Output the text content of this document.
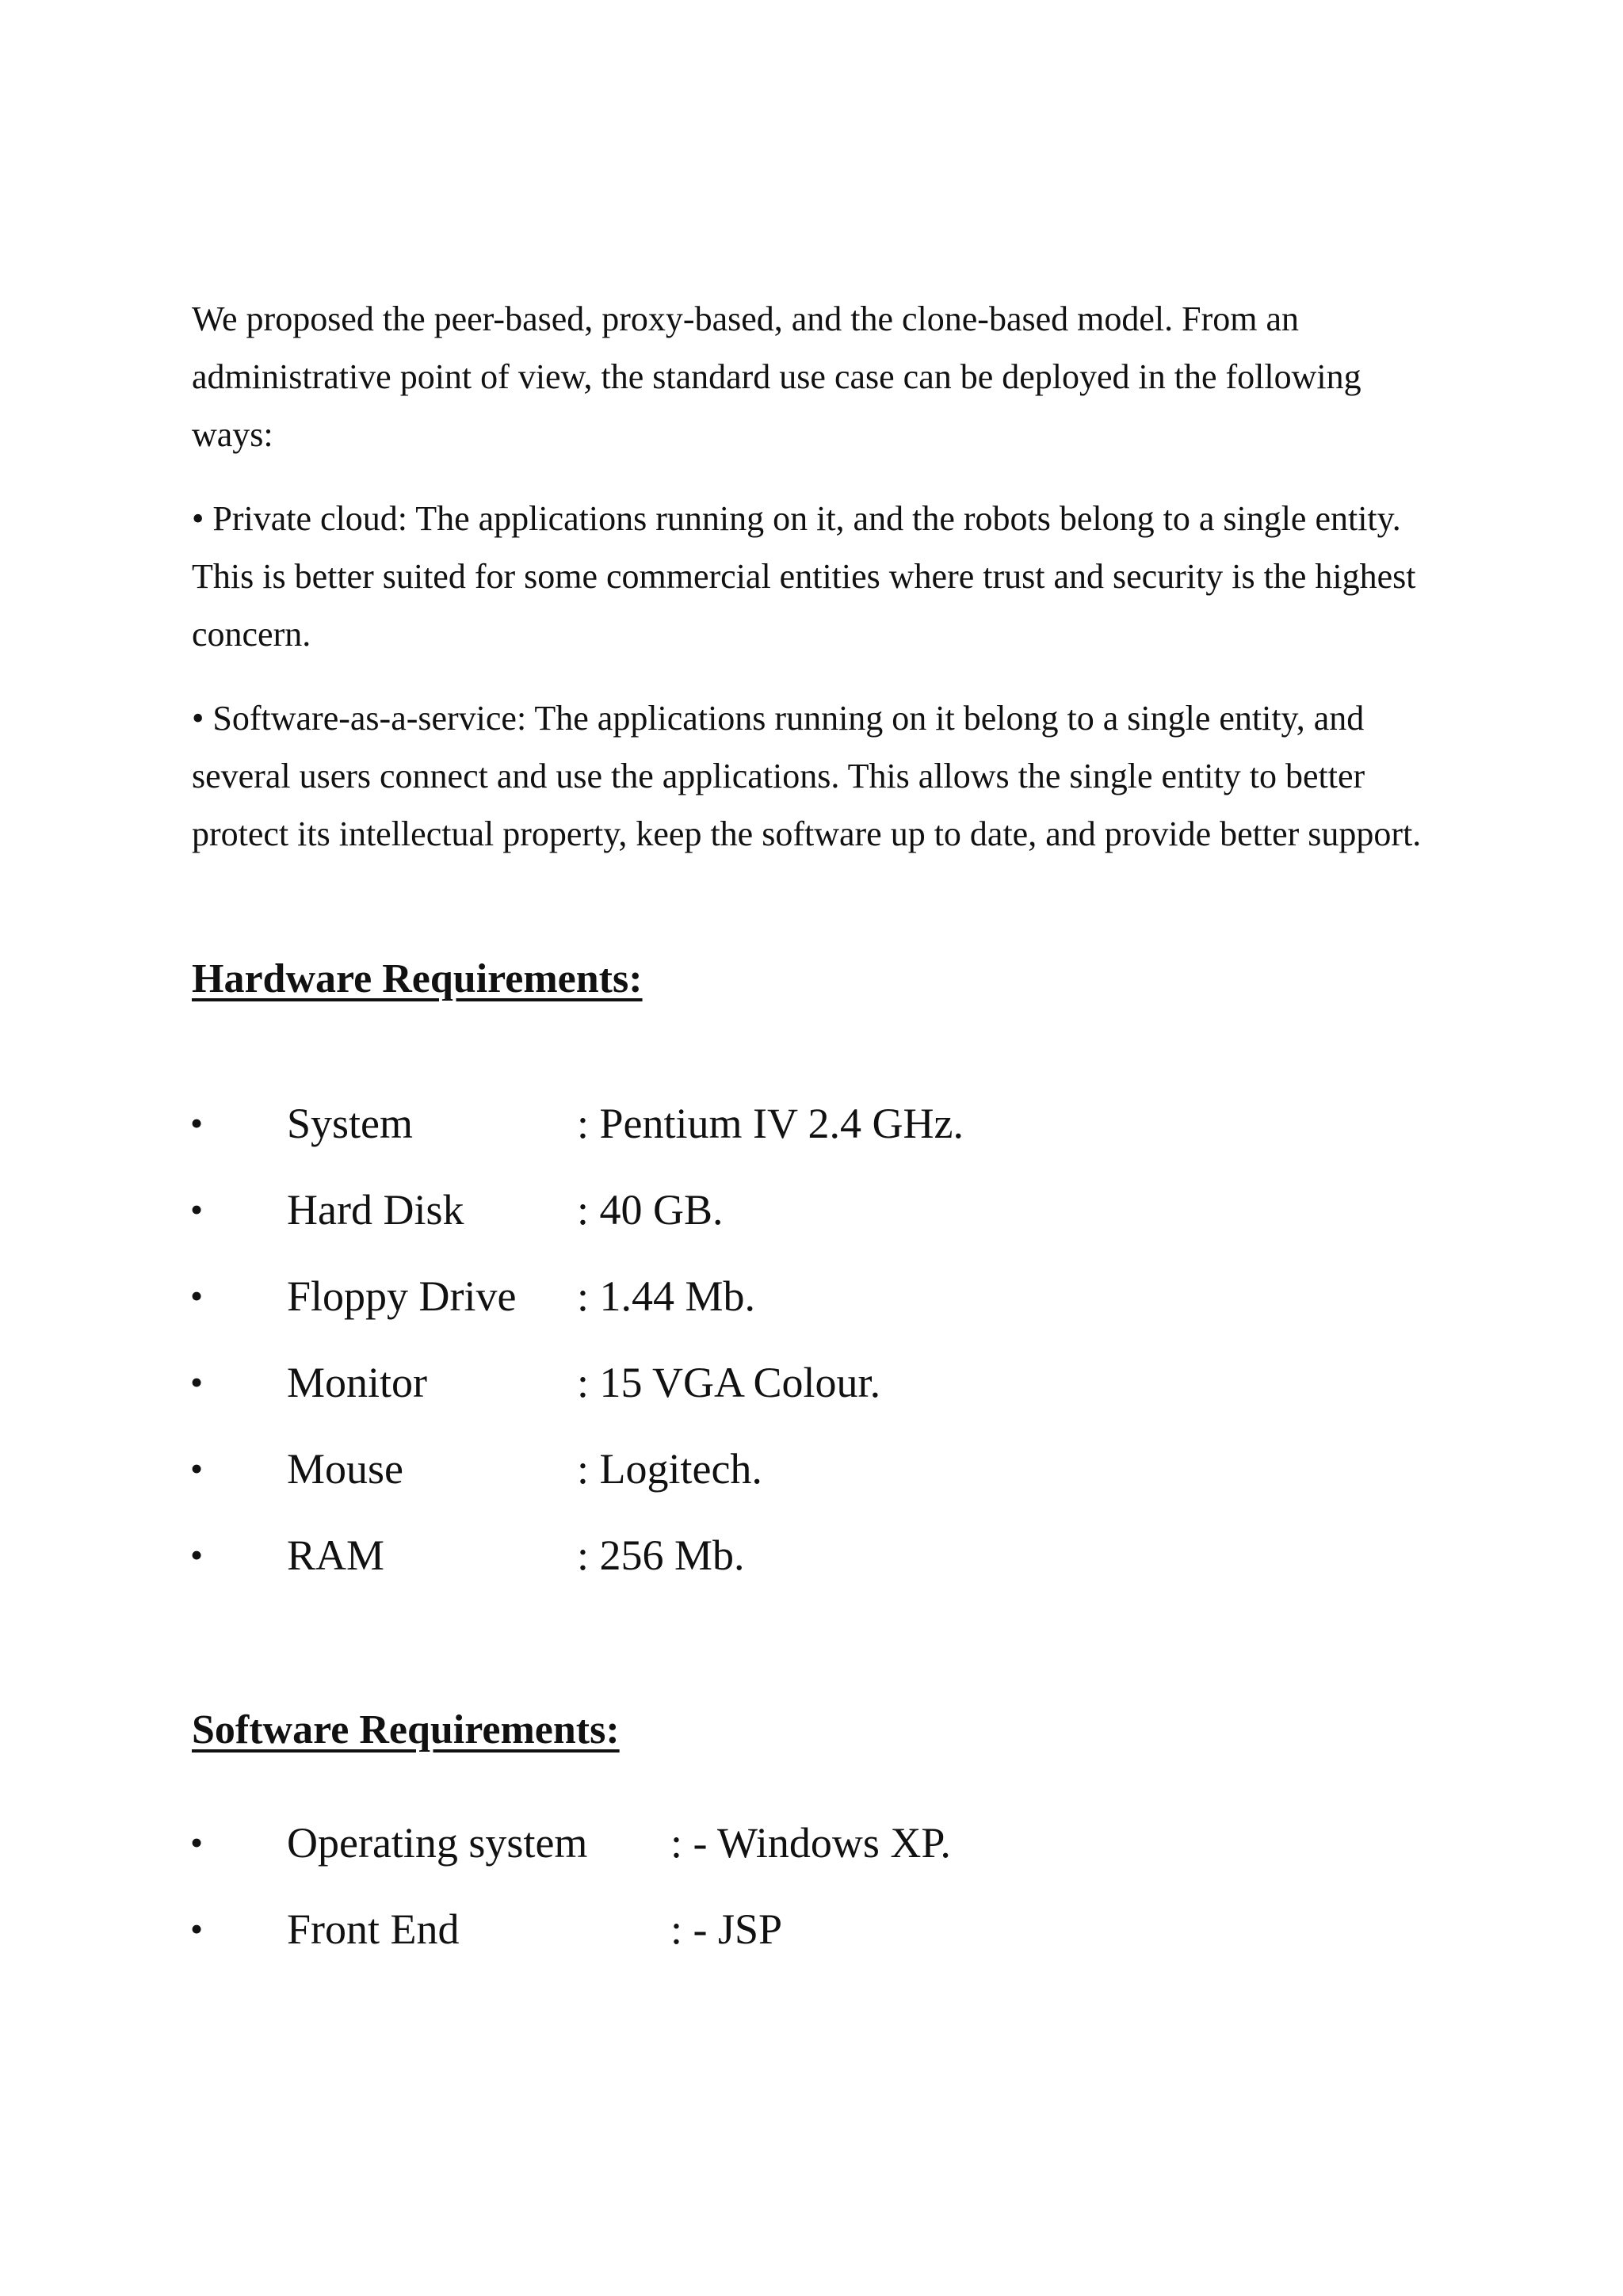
We proposed the peer-based, proxy-based, and the clone-based model. From an administrative point of view, the standard use case can be deployed in the following ways:

• Private cloud: The applications running on it, and the robots belong to a single entity. This is better suited for some commercial entities where trust and security is the highest concern.

• Software-as-a-service: The applications running on it belong to a single entity, and several users connect and use the applications. This allows the single entity to better protect its intellectual property, keep the software up to date, and provide better support.

Hardware Requirements:
• System	: Pentium IV 2.4 GHz.
• Hard Disk	: 40 GB.
• Floppy Drive : 1.44 Mb.
• Monitor	: 15 VGA Colour.
• Mouse	: Logitech.
• RAM	: 256 Mb.
Software Requirements:
• Operating system : - Windows XP.
• Front End	: - JSP
